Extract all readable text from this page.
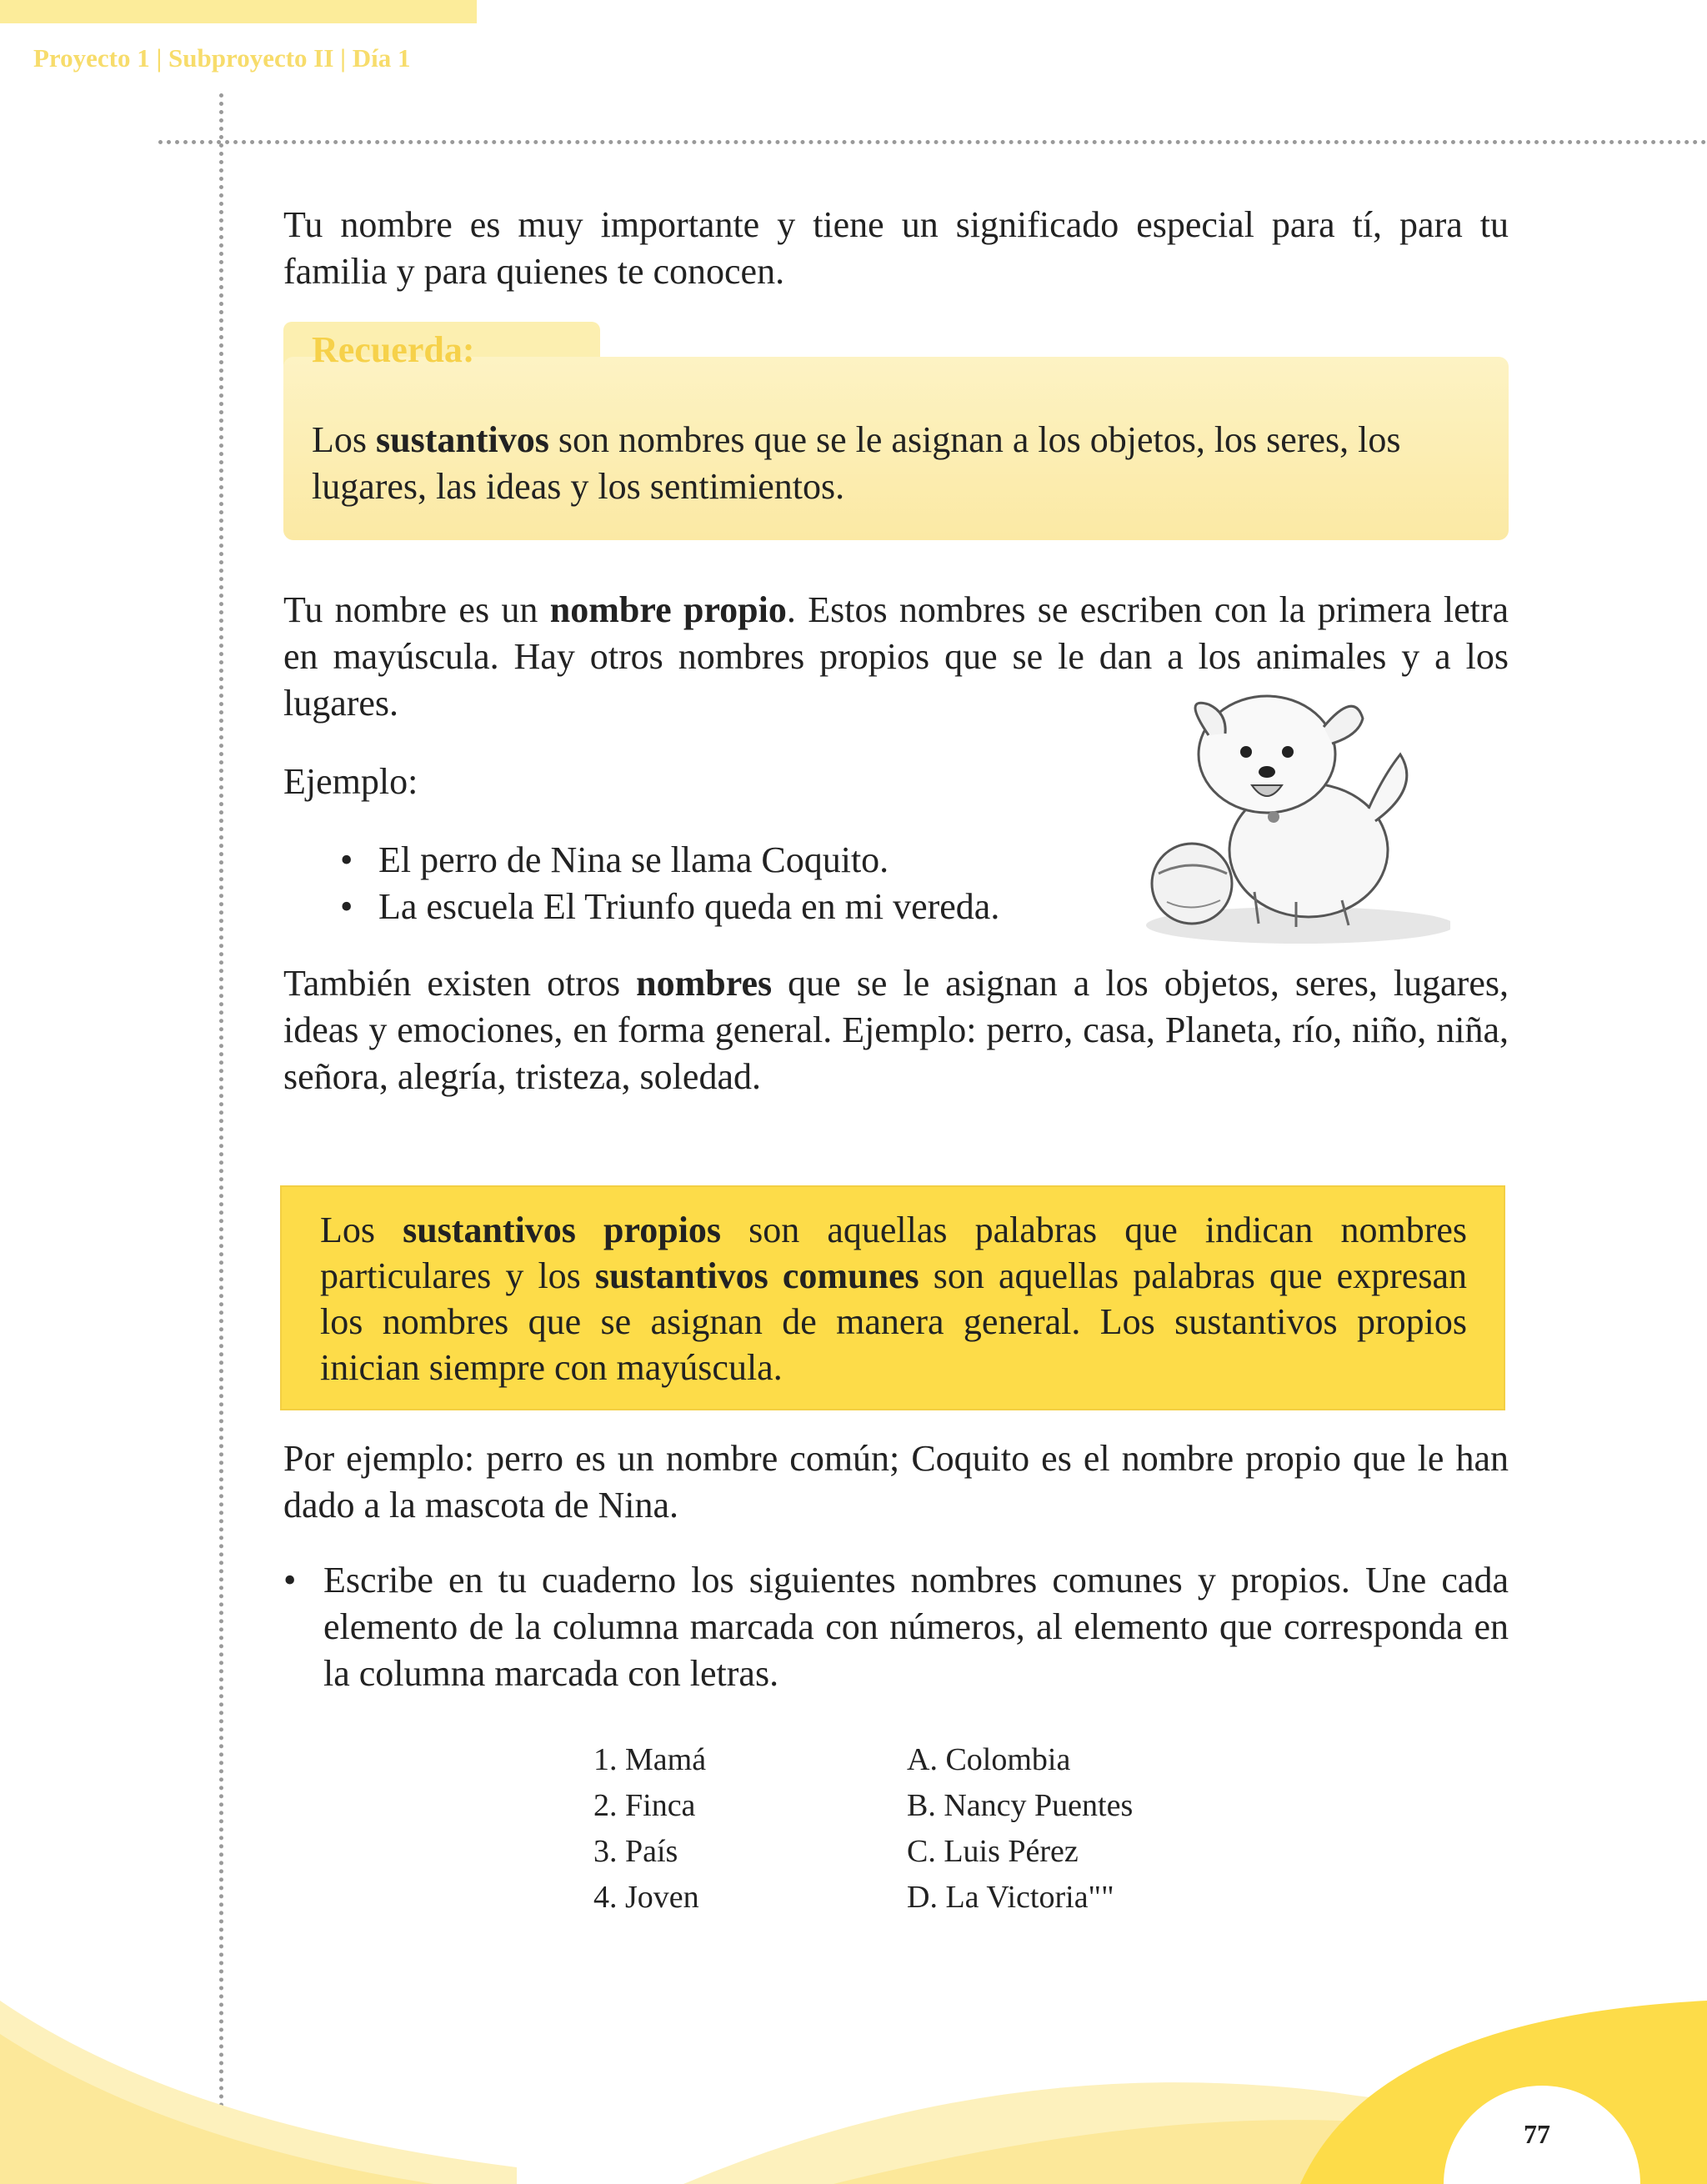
Proyecto 1 | Subproyecto II | Día 1

Tu nombre es muy importante y tiene un significado especial para tí, para tu familia y para quienes te conocen.

Recuerda:
Los sustantivos son nombres que se le asignan a los objetos, los seres, los lugares, las ideas y los sentimientos.

Tu nombre es un nombre propio. Estos nombres se escriben con la primera letra en mayúscula. Hay otros nombres propios que se le dan a los animales y a los lugares.

Ejemplo:

• El perro de Nina se llama Coquito.
• La escuela El Triunfo queda en mi vereda.

También existen otros nombres que se le asignan a los objetos, seres, lugares, ideas y emociones, en forma general. Ejemplo: perro, casa, Planeta, río, niño, niña, señora, alegría, tristeza, soledad.

Los sustantivos propios son aquellas palabras que indican nombres particulares y los sustantivos comunes son aquellas palabras que expresan los nombres que se asignan de manera general. Los sustantivos propios inician siempre con mayúscula.

Por ejemplo: perro es un nombre común; Coquito es el nombre propio que le han dado a la mascota de Nina.

• Escribe en tu cuaderno los siguientes nombres comunes y propios. Une cada elemento de la columna marcada con números, al elemento que corresponda en la columna marcada con letras.
1. Mamá
2. Finca
3. País
4. Joven
A. Colombia
B. Nancy Puentes
C. Luis Pérez
D. La Victoria""
77
